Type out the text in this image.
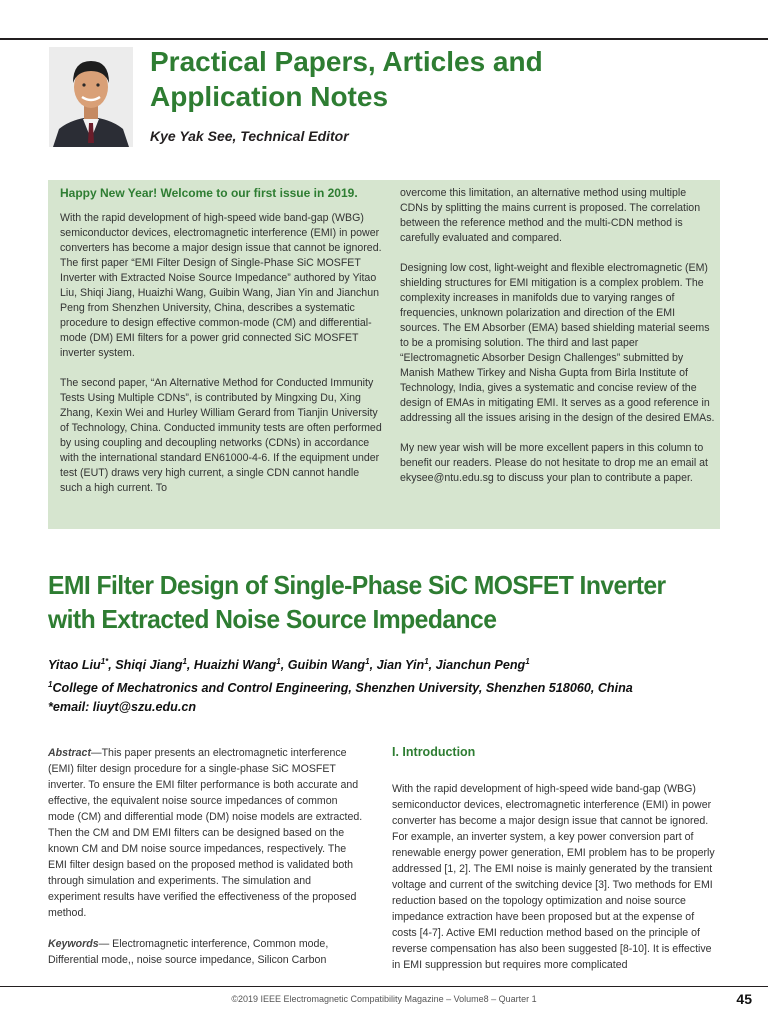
Practical Papers, Articles and Application Notes
Kye Yak See, Technical Editor
Happy New Year! Welcome to our first issue in 2019.

With the rapid development of high-speed wide band-gap (WBG) semiconductor devices, electromagnetic interference (EMI) in power converters has become a major design issue that cannot be ignored. The first paper “EMI Filter Design of Single-Phase SiC MOSFET Inverter with Extracted Noise Source Impedance” authored by Yitao Liu, Shiqi Jiang, Huaizhi Wang, Guibin Wang, Jian Yin and Jianchun Peng from Shenzhen University, China, describes a systematic procedure to design effective common-mode (CM) and differential-mode (DM) EMI filters for a power grid connected SiC MOSFET inverter system.

The second paper, “An Alternative Method for Conducted Immunity Tests Using Multiple CDNs”, is contributed by Mingxing Du, Xing Zhang, Kexin Wei and Hurley William Gerard from Tianjin University of Technology, China. Conducted immunity tests are often performed by using coupling and decoupling networks (CDNs) in accordance with the international standard EN61000-4-6. If the equipment under test (EUT) draws very high current, a single CDN cannot handle such a high current. To

overcome this limitation, an alternative method using multiple CDNs by splitting the mains current is proposed. The correlation between the reference method and the multi-CDN method is carefully evaluated and compared.

Designing low cost, light-weight and flexible electromagnetic (EM) shielding structures for EMI mitigation is a complex problem. The complexity increases in manifolds due to varying ranges of frequencies, unknown polarization and direction of the EMI sources. The EM Absorber (EMA) based shielding material seems to be a promising solution. The third and last paper “Electromagnetic Absorber Design Challenges” submitted by Manish Mathew Tirkey and Nisha Gupta from Birla Institute of Technology, India, gives a systematic and concise review of the design of EMAs in mitigating EMI. It serves as a good reference in addressing all the issues arising in the design of the desired EMAs.

My new year wish will be more excellent papers in this column to benefit our readers. Please do not hesitate to drop me an email at ekysee@ntu.edu.sg to discuss your plan to contribute a paper.

EMI Filter Design of Single-Phase SiC MOSFET Inverter with Extracted Noise Source Impedance
Yitao Liu$^{1*}$, Shiqi Jiang$^1$, Huaizhi Wang$^1$, Guibin Wang$^1$, Jian Yin$^1$, Jianchun Peng$^1$
$^1$College of Mechatronics and Control Engineering, Shenzhen University, Shenzhen 518060, China
*email: liuyt@szu.edu.cn

Abstract—This paper presents an electromagnetic interference (EMI) filter design procedure for a single-phase SiC MOSFET inverter. To ensure the EMI filter performance is both accurate and effective, the equivalent noise source impedances of common mode (CM) and differential mode (DM) noise models are extracted. Then the CM and DM EMI filters can be designed based on the known CM and DM noise source impedances, respectively. The EMI filter design based on the proposed method is validated both through simulation and experiments. The simulation and experiment results have verified the effectiveness of the proposed method.

Keywords— Electromagnetic interference, Common mode, Differential mode,, noise source impedance, Silicon Carbon

I. Introduction

With the rapid development of high-speed wide band-gap (WBG) semiconductor devices, electromagnetic interference (EMI) in power converter has become a major design issue that cannot be ignored. For example, an inverter system, a key power conversion part of renewable energy power generation, EMI problem has to be properly addressed [1, 2]. The EMI noise is mainly generated by the transient voltage and current of the switching device [3]. Two methods for EMI reduction based on the topology optimization and noise source impedance extraction have been proposed but at the expense of costs [4-7]. Active EMI reduction method based on the principle of reverse compensation has also been suggested [8-10]. It is effective in EMI suppression but requires more complicated

©2019 IEEE Electromagnetic Compatibility Magazine – Volume8 – Quarter 1	45
